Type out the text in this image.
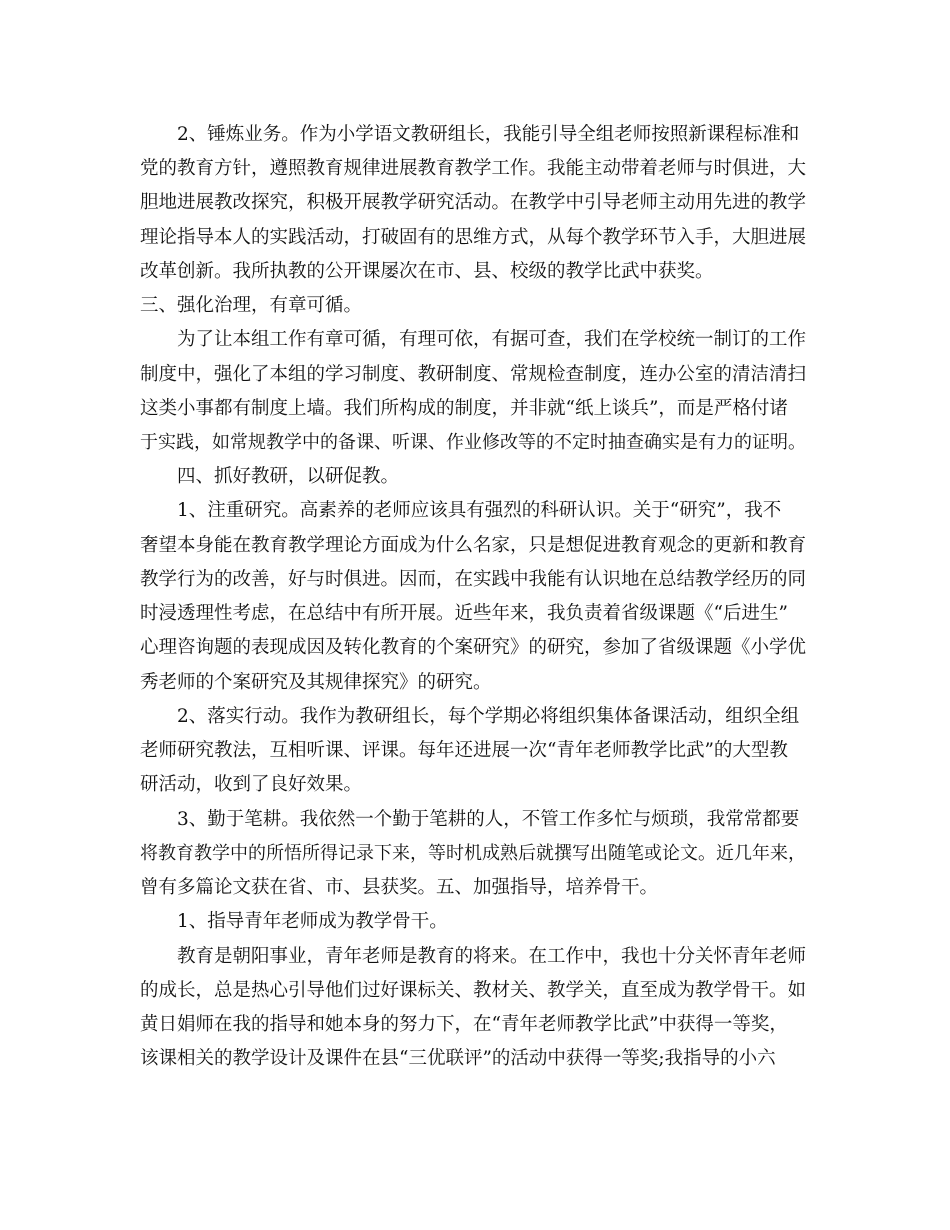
　　2、锤炼业务。作为小学语文教研组长，我能引导全组老师按照新课程标准和
党的教育方针，遵照教育规律进展教育教学工作。我能主动带着老师与时俱进，大
胆地进展教改探究，积极开展教学研究活动。在教学中引导老师主动用先进的教学
理论指导本人的实践活动，打破固有的思维方式，从每个教学环节入手，大胆进展
改革创新。我所执教的公开课屡次在市、县、校级的教学比武中获奖。
三、强化治理，有章可循。
　　为了让本组工作有章可循，有理可依，有据可查，我们在学校统一制订的工作
制度中，强化了本组的学习制度、教研制度、常规检查制度，连办公室的清洁清扫
这类小事都有制度上墙。我们所构成的制度，并非就“纸上谈兵”，而是严格付诸
于实践，如常规教学中的备课、听课、作业修改等的不定时抽查确实是有力的证明。
　　四、抓好教研，以研促教。
　　1、注重研究。高素养的老师应该具有强烈的科研认识。关于“研究”，我不
奢望本身能在教育教学理论方面成为什么名家，只是想促进教育观念的更新和教育
教学行为的改善，好与时俱进。因而，在实践中我能有认识地在总结教学经历的同
时浸透理性考虑，在总结中有所开展。近些年来，我负责着省级课题《“后进生”
心理咨询题的表现成因及转化教育的个案研究》的研究，参加了省级课题《小学优
秀老师的个案研究及其规律探究》的研究。
　　2、落实行动。我作为教研组长，每个学期必将组织集体备课活动，组织全组
老师研究教法，互相听课、评课。每年还进展一次“青年老师教学比武”的大型教
研活动，收到了良好效果。
　　3、勤于笔耕。我依然一个勤于笔耕的人，不管工作多忙与烦琐，我常常都要
将教育教学中的所悟所得记录下来，等时机成熟后就撰写出随笔或论文。近几年来，
曾有多篇论文获在省、市、县获奖。五、加强指导，培养骨干。
　　1、指导青年老师成为教学骨干。
　　教育是朝阳事业，青年老师是教育的将来。在工作中，我也十分关怀青年老师
的成长，总是热心引导他们过好课标关、教材关、教学关，直至成为教学骨干。如
黄日娟师在我的指导和她本身的努力下，在“青年老师教学比武”中获得一等奖，
该课相关的教学设计及课件在县“三优联评”的活动中获得一等奖;我指导的小六
